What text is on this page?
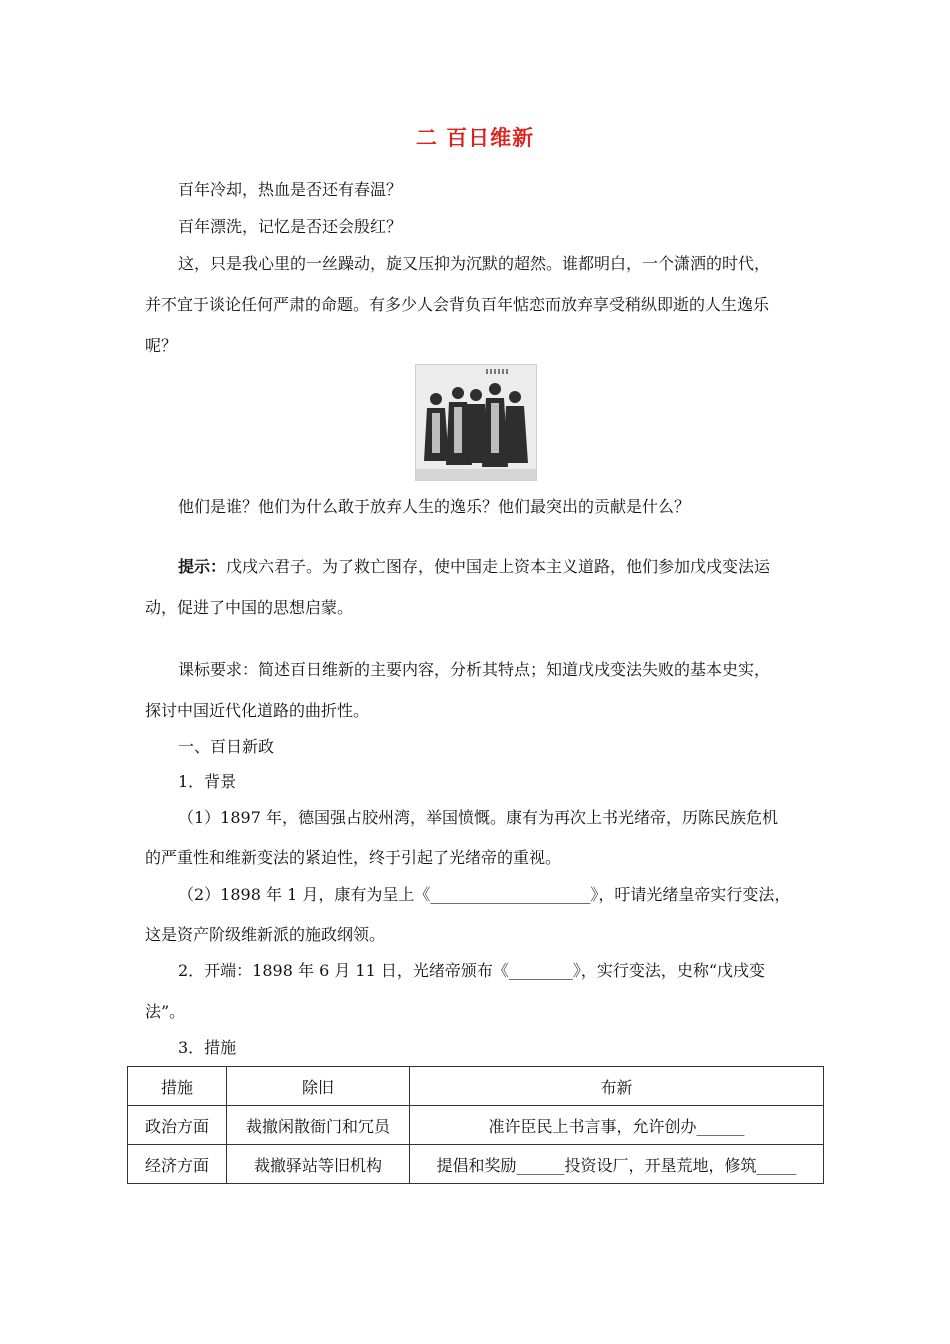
二 百日维新
百年冷却，热血是否还有春温？
百年漂洗，记忆是否还会殷红？
这，只是我心里的一丝躁动，旋又压抑为沉默的超然。谁都明白，一个潇洒的时代，
并不宜于谈论任何严肃的命题。有多少人会背负百年惦恋而放弃享受稍纵即逝的人生逸乐
呢？
他们是谁？他们为什么敢于放弃人生的逸乐？他们最突出的贡献是什么？
提示：戊戌六君子。为了救亡图存，使中国走上资本主义道路，他们参加戊戌变法运
动，促进了中国的思想启蒙。
课标要求：简述百日维新的主要内容，分析其特点；知道戊戌变法失败的基本史实，
探讨中国近代化道路的曲折性。
一、百日新政
1．背景
（1）1897 年，德国强占胶州湾，举国愤慨。康有为再次上书光绪帝，历陈民族危机
的严重性和维新变法的紧迫性，终于引起了光绪帝的重视。
（2）1898 年 1 月，康有为呈上《____________________》，吁请光绪皇帝实行变法，
这是资产阶级维新派的施政纲领。
2．开端：1898 年 6 月 11 日，光绪帝颁布《________》，实行变法，史称“戊戌变
法”。
3．措施
措施	除旧	布新
政治方面	裁撤闲散衙门和冗员	准许臣民上书言事，允许创办______
经济方面	裁撤驿站等旧机构	提倡和奖励______投资设厂，开垦荒地，修筑_____
